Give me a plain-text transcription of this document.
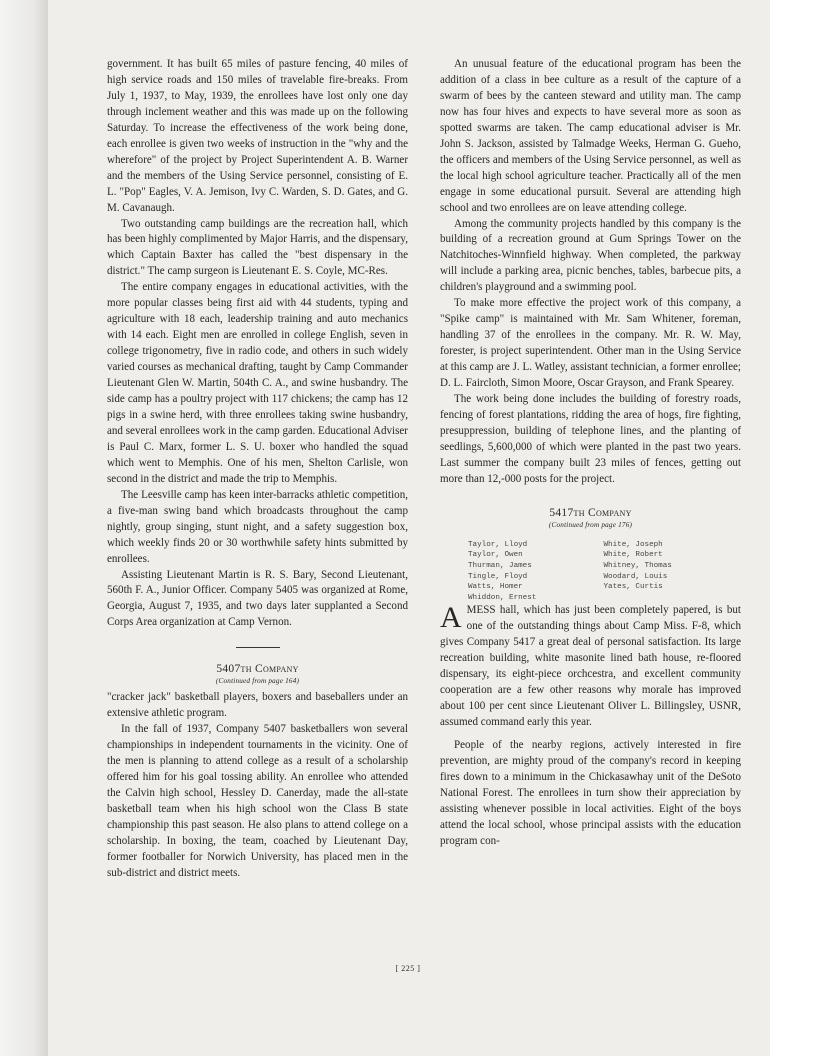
government. It has built 65 miles of pasture fencing, 40 miles of high service roads and 150 miles of travelable fire-breaks. From July 1, 1937, to May, 1939, the enrollees have lost only one day through inclement weather and this was made up on the following Saturday. To increase the effectiveness of the work being done, each enrollee is given two weeks of instruction in the "why and the wherefore" of the project by Project Superintendent A. B. Warner and the members of the Using Service personnel, consisting of E. L. "Pop" Eagles, V. A. Jemison, Ivy C. Warden, S. D. Gates, and G. M. Cavanaugh.

Two outstanding camp buildings are the recreation hall, which has been highly complimented by Major Harris, and the dispensary, which Captain Baxter has called the "best dispensary in the district." The camp surgeon is Lieutenant E. S. Coyle, MC-Res.

The entire company engages in educational activities, with the more popular classes being first aid with 44 students, typing and agriculture with 18 each, leadership training and auto mechanics with 14 each. Eight men are enrolled in college English, seven in college trigonometry, five in radio code, and others in such widely varied courses as mechanical drafting, taught by Camp Commander Lieutenant Glen W. Martin, 504th C. A., and swine husbandry. The side camp has a poultry project with 117 chickens; the camp has 12 pigs in a swine herd, with three enrollees taking swine husbandry, and several enrollees work in the camp garden. Educational Adviser is Paul C. Marx, former L. S. U. boxer who handled the squad which went to Memphis. One of his men, Shelton Carlisle, won second in the district and made the trip to Memphis.

The Leesville camp has keen inter-barracks athletic competition, a five-man swing band which broadcasts throughout the camp nightly, group singing, stunt night, and a safety suggestion box, which weekly finds 20 or 30 worthwhile safety hints submitted by enrollees.

Assisting Lieutenant Martin is R. S. Bary, Second Lieutenant, 560th F. A., Junior Officer. Company 5405 was organized at Rome, Georgia, August 7, 1935, and two days later supplanted a Second Corps Area organization at Camp Vernon.

5407th Company
(Continued from page 164)

"cracker jack" basketball players, boxers and baseballers under an extensive athletic program.

In the fall of 1937, Company 5407 basketballers won several championships in independent tournaments in the vicinity. One of the men is planning to attend college as a result of a scholarship offered him for his goal tossing ability. An enrollee who attended the Calvin high school, Hessley D. Canerday, made the all-state basketball team when his high school won the Class B state championship this past season. He also plans to attend college on a scholarship. In boxing, the team, coached by Lieutenant Day, former footballer for Norwich University, has placed men in the sub-district and district meets.

An unusual feature of the educational program has been the addition of a class in bee culture as a result of the capture of a swarm of bees by the canteen steward and utility man. The camp now has four hives and expects to have several more as soon as spotted swarms are taken. The camp educational adviser is Mr. John S. Jackson, assisted by Talmadge Weeks, Herman G. Gueho, the officers and members of the Using Service personnel, as well as the local high school agriculture teacher. Practically all of the men engage in some educational pursuit. Several are attending high school and two enrollees are on leave attending college.

Among the community projects handled by this company is the building of a recreation ground at Gum Springs Tower on the Natchitoches-Winnfield highway. When completed, the parkway will include a parking area, picnic benches, tables, barbecue pits, a children's playground and a swimming pool.

To make more effective the project work of this company, a "Spike camp" is maintained with Mr. Sam Whitener, foreman, handling 37 of the enrollees in the company. Mr. R. W. May, forester, is project superintendent. Other man in the Using Service at this camp are J. L. Watley, assistant technician, a former enrollee; D. L. Faircloth, Simon Moore, Oscar Grayson, and Frank Spearey.

The work being done includes the building of forestry roads, fencing of forest plantations, ridding the area of hogs, fire fighting, presuppression, building of telephone lines, and the planting of seedlings, 5,600,000 of which were planted in the past two years. Last summer the company built 23 miles of fences, getting out more than 12,-000 posts for the project.

5417th Company
(Continued from page 176)
Taylor, Lloyd
Taylor, Owen
Thurman, James
Tingle, Floyd
Watts, Homer
Whiddon, Ernest
White, Joseph
White, Robert
Whitney, Thomas
Woodard, Louis
Yates, Curtis

AMESS hall, which has just been completely papered, is but one of the outstanding things about Camp Miss. F-8, which gives Company 5417 a great deal of personal satisfaction. Its large recreation building, white masonite lined bath house, re-floored dispensary, its eight-piece orchcestra, and excellent community cooperation are a few other reasons why morale has improved about 100 per cent since Lieutenant Oliver L. Billingsley, USNR, assumed command early this year.

People of the nearby regions, actively interested in fire prevention, are mighty proud of the company's record in keeping fires down to a minimum in the Chickasawhay unit of the DeSoto National Forest. The enrollees in turn show their appreciation by assisting whenever possible in local activities. Eight of the boys attend the local school, whose principal assists with the education program con-

[ 225 ]
